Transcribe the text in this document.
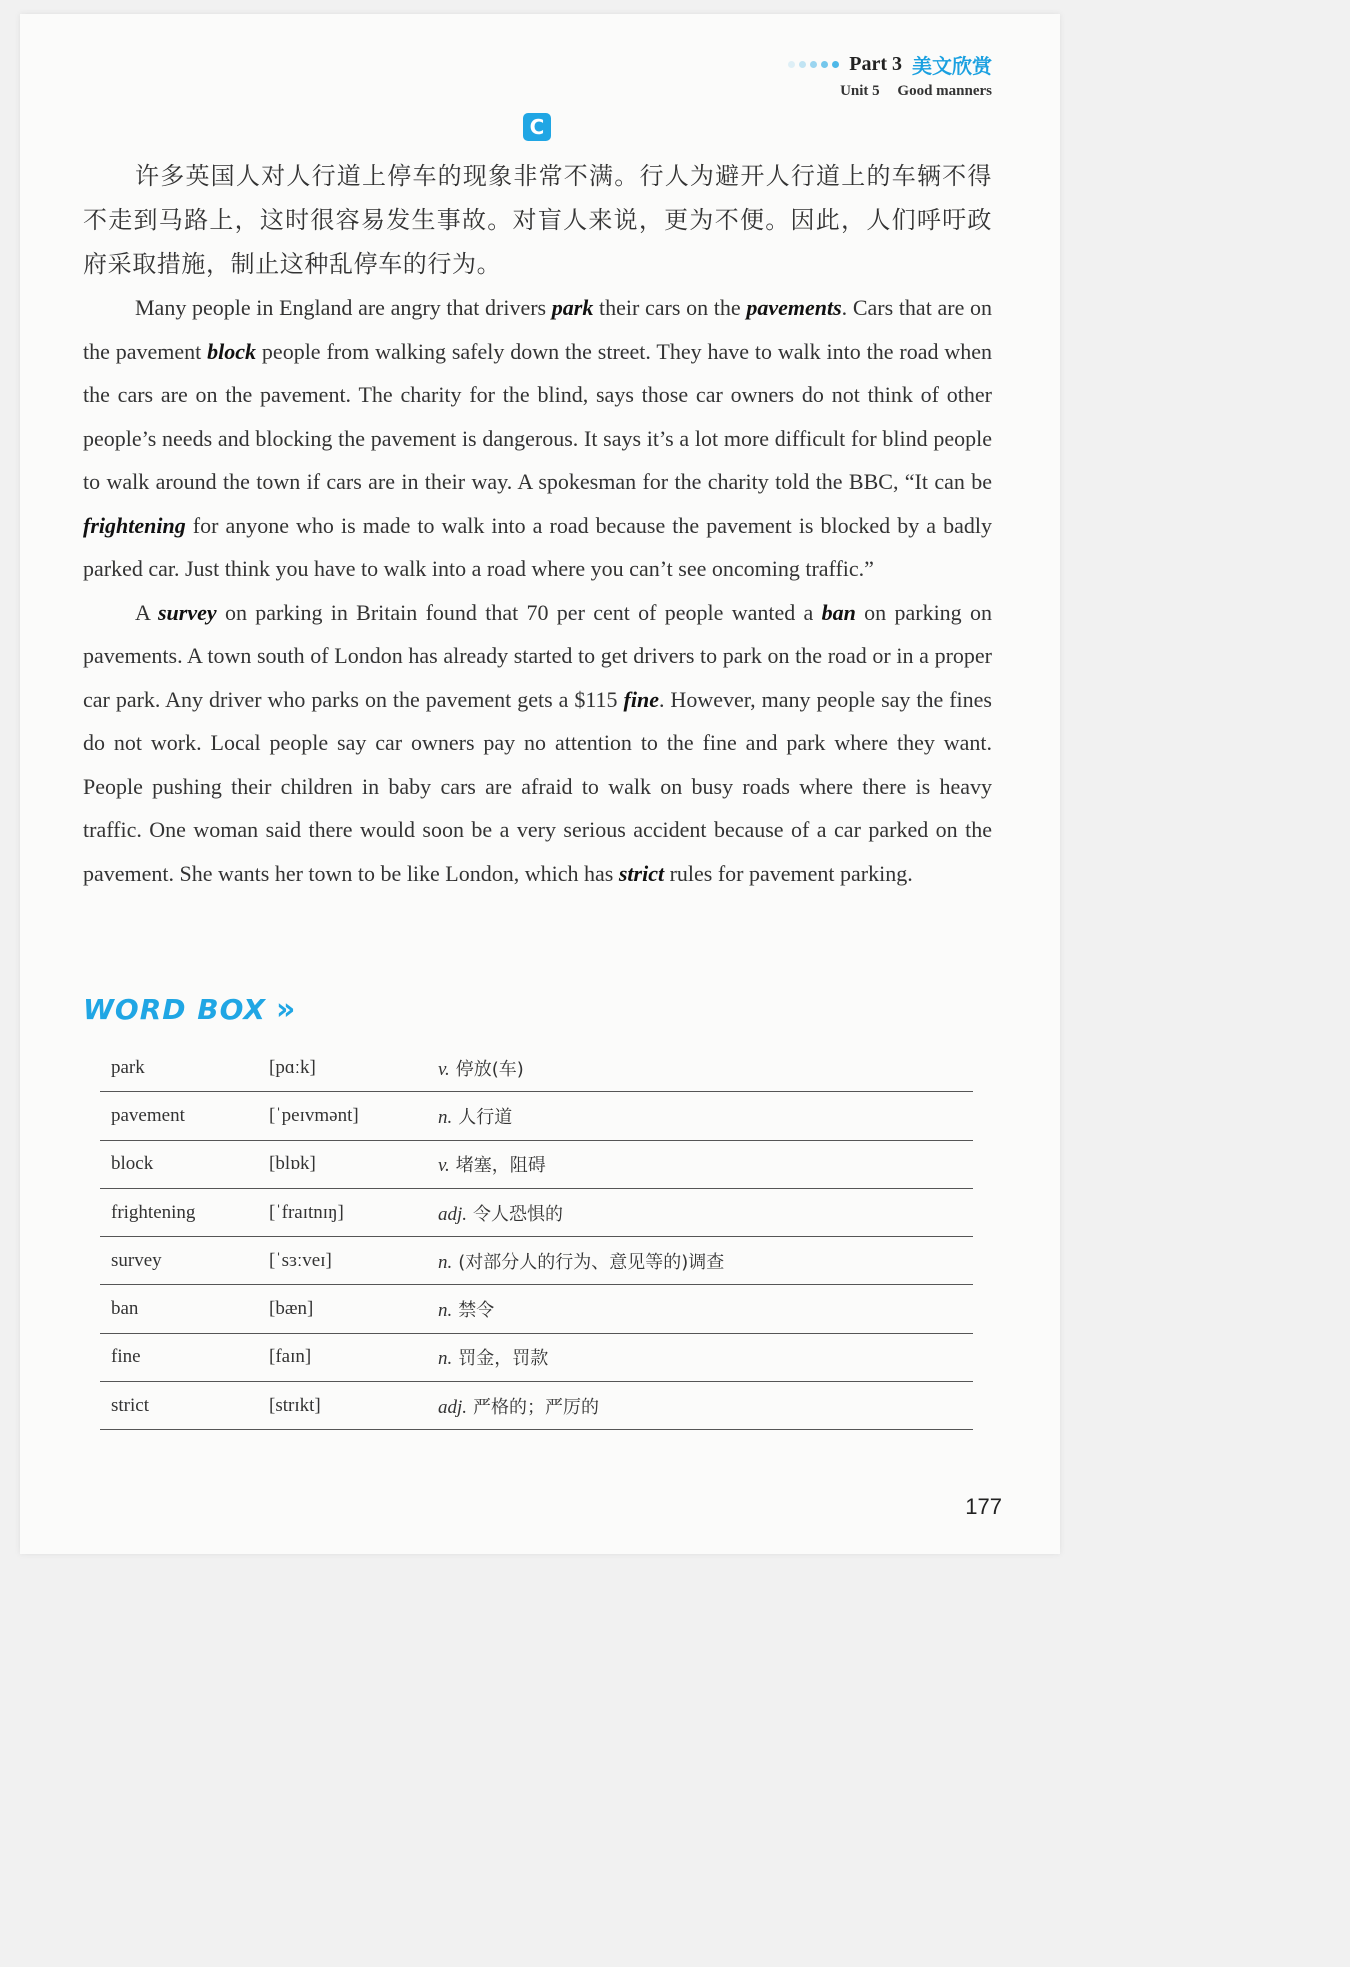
Part 3 美文欣赏
Unit 5 Good manners
C

许多英国人对人行道上停车的现象非常不满。行人为避开人行道上的车辆不得不走到马路上，这时很容易发生事故。对盲人来说，更为不便。因此，人们呼吁政府采取措施，制止这种乱停车的行为。

Many people in England are angry that drivers park their cars on the pavements. Cars that are on the pavement block people from walking safely down the street. They have to walk into the road when the cars are on the pavement. The charity for the blind, says those car owners do not think of other people’s needs and blocking the pavement is dangerous. It says it’s a lot more difficult for blind people to walk around the town if cars are in their way. A spokesman for the charity told the BBC, “It can be frightening for anyone who is made to walk into a road because the pavement is blocked by a badly parked car. Just think you have to walk into a road where you can’t see oncoming traffic.”

A survey on parking in Britain found that 70 per cent of people wanted a ban on parking on pavements. A town south of London has already started to get drivers to park on the road or in a proper car park. Any driver who parks on the pavement gets a $115 fine. However, many people say the fines do not work. Local people say car owners pay no attention to the fine and park where they want. People pushing their children in baby cars are afraid to walk on busy roads where there is heavy traffic. One woman said there would soon be a very serious accident because of a car parked on the pavement. She wants her town to be like London, which has strict rules for pavement parking.

WORD BOX »
park	[pɑːk]	v. 停放(车)
pavement	[ˈpeɪvmənt]	n. 人行道
block	[blɒk]	v. 堵塞，阻碍
frightening	[ˈfraɪtnɪŋ]	adj. 令人恐惧的
survey	[ˈsɜːveɪ]	n. (对部分人的行为、意见等的)调查
ban	[bæn]	n. 禁令
fine	[faɪn]	n. 罚金，罚款
strict	[strɪkt]	adj. 严格的；严厉的
177
